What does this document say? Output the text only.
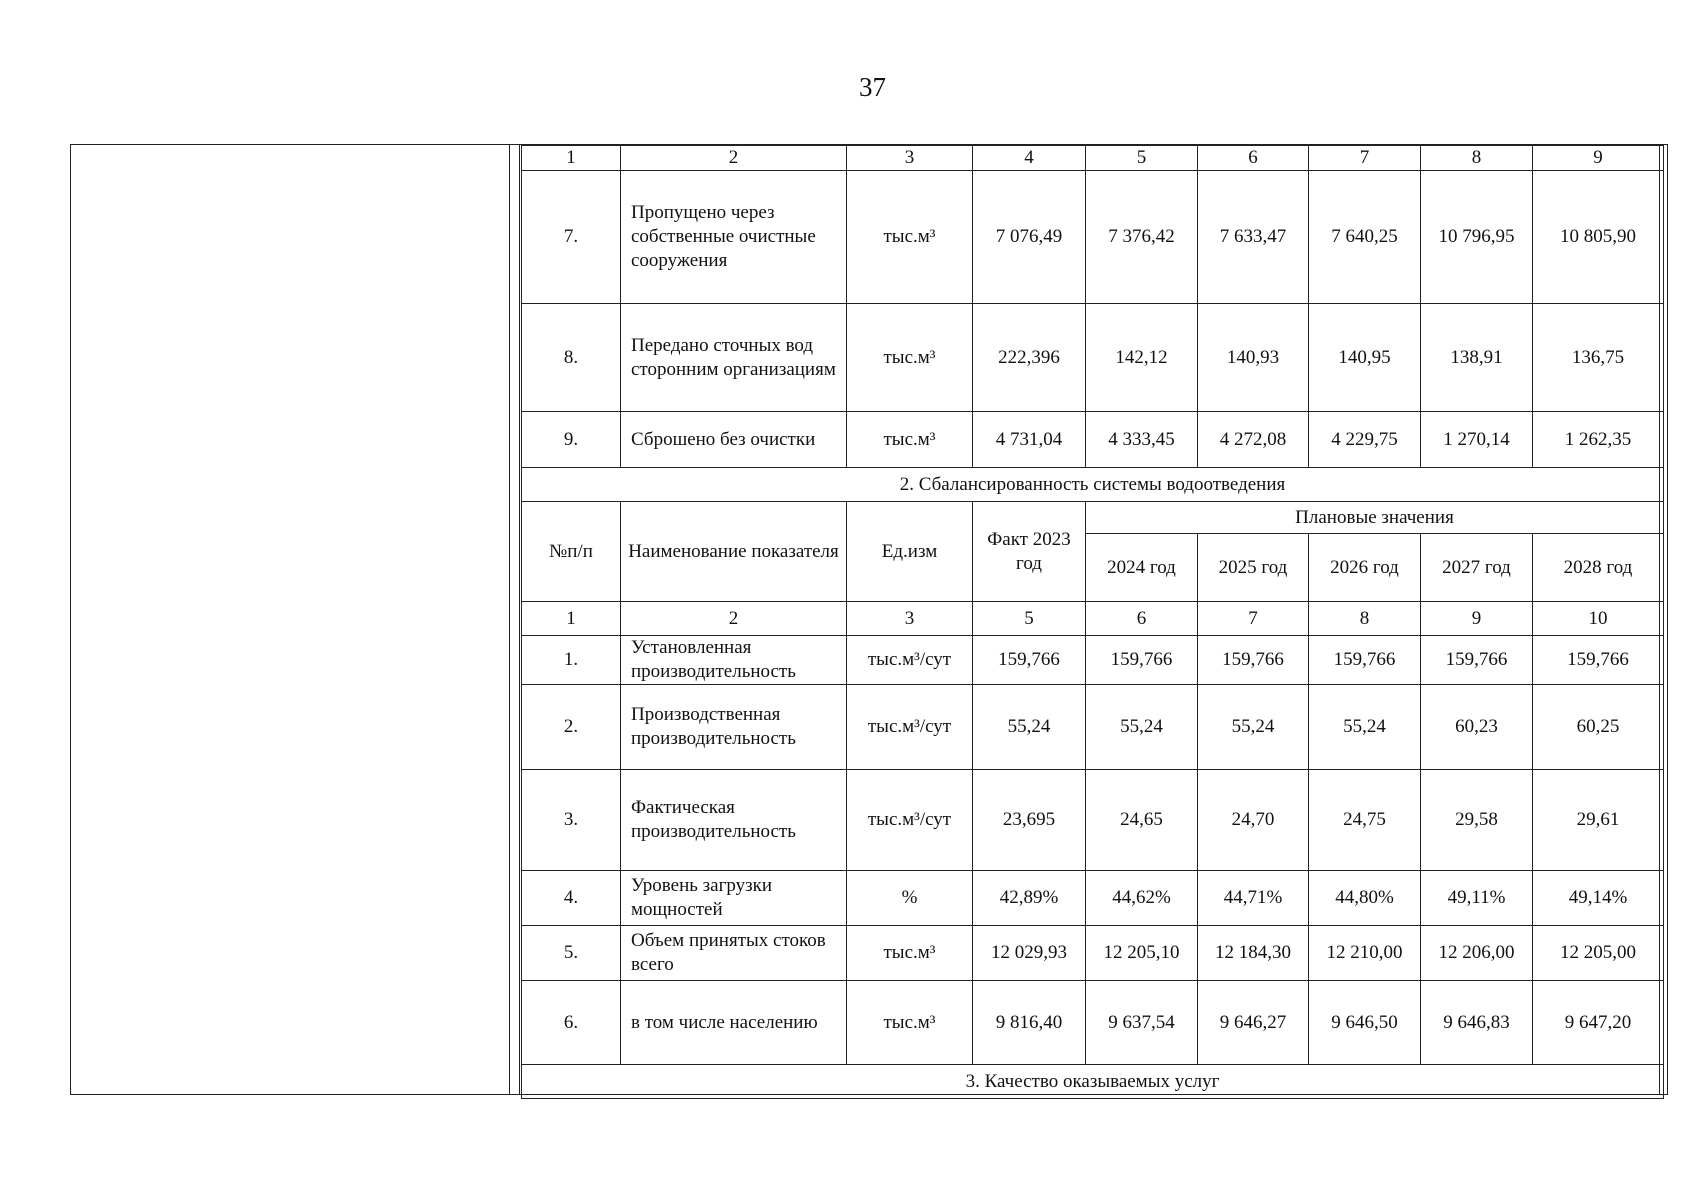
37
1	2	3	4	5	6	7	8	9
7.	Пропущено через собственные очистные сооружения	тыс.м³	7 076,49	7 376,42	7 633,47	7 640,25	10 796,95	10 805,90
8.	Передано сточных вод сторонним организациям	тыс.м³	222,396	142,12	140,93	140,95	138,91	136,75
9.	Сброшено без очистки	тыс.м³	4 731,04	4 333,45	4 272,08	4 229,75	1 270,14	1 262,35
2. Сбалансированность системы водоотведения								
№п/п	Наименование показателя	Ед.изм	Факт 2023 год	Плановые значения				
				2024 год	2025 год	2026 год	2027 год	2028 год
1	2	3	5	6	7	8	9	10
1.	Установленная производительность	тыс.м³/сут	159,766	159,766	159,766	159,766	159,766	159,766
2.	Производственная производительность	тыс.м³/сут	55,24	55,24	55,24	55,24	60,23	60,25
3.	Фактическая производительность	тыс.м³/сут	23,695	24,65	24,70	24,75	29,58	29,61
4.	Уровень загрузки мощностей	%	42,89%	44,62%	44,71%	44,80%	49,11%	49,14%
5.	Объем принятых стоков всего	тыс.м³	12 029,93	12 205,10	12 184,30	12 210,00	12 206,00	12 205,00
6.	в том числе населению	тыс.м³	9 816,40	9 637,54	9 646,27	9 646,50	9 646,83	9 647,20
3. Качество оказываемых услуг								
